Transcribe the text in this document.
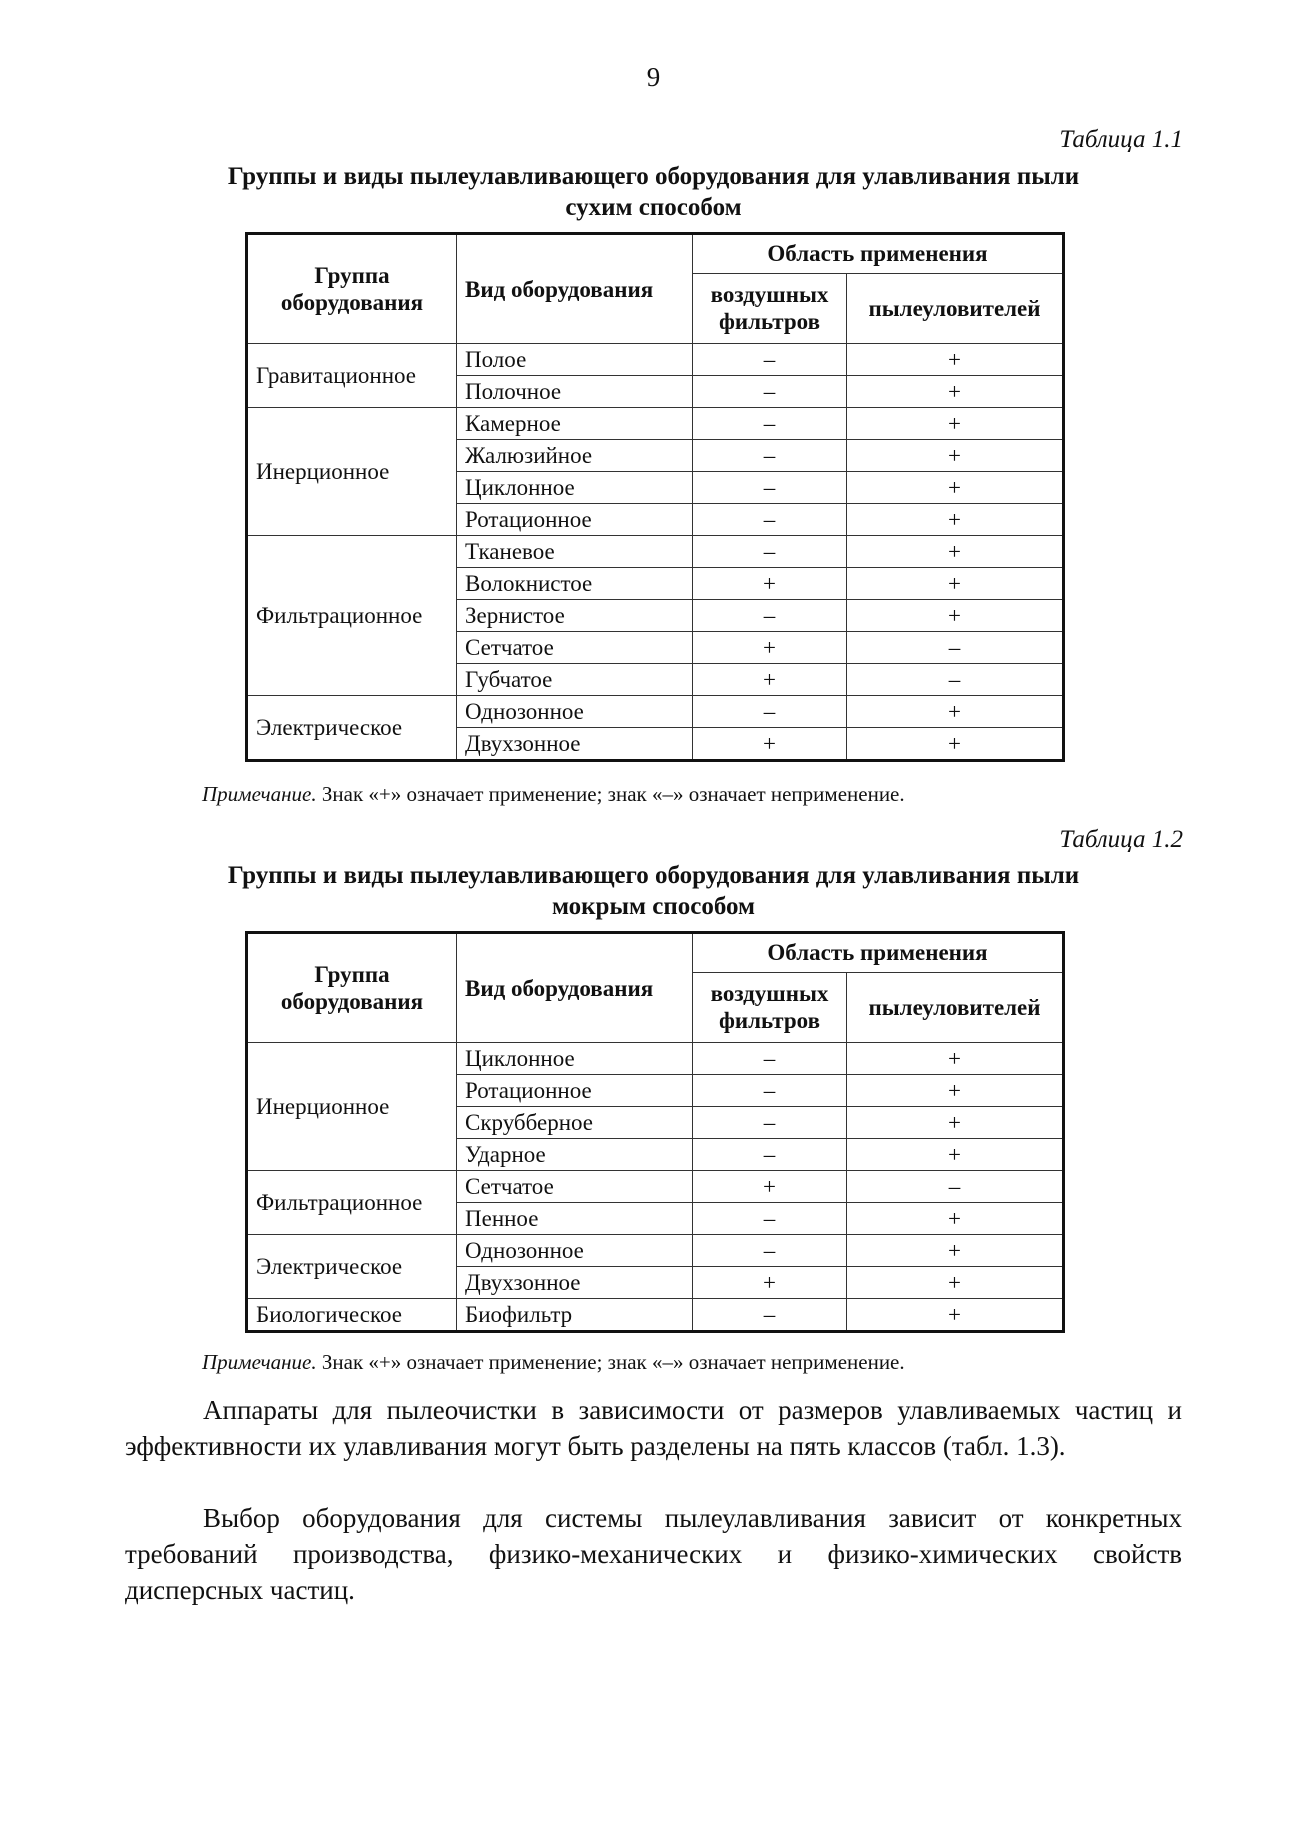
9
Таблица 1.1
Группы и виды пылеулавливающего оборудования для улавливания пыли
сухим способом
Группа оборудования	Вид оборудования	Область применения	
		воздушных фильтров	пылеуловителей
Гравитационное	Полое	–	+
	Полочное	–	+
Инерционное	Камерное	–	+
	Жалюзийное	–	+
	Циклонное	–	+
	Ротационное	–	+
Фильтрационное	Тканевое	–	+
	Волокнистое	+	+
	Зернистое	–	+
	Сетчатое	+	–
	Губчатое	+	–
Электрическое	Однозонное	–	+
	Двухзонное	+	+
Примечание. Знак «+» означает применение; знак «–» означает неприменение.
Таблица 1.2
Группы и виды пылеулавливающего оборудования для улавливания пыли
мокрым способом
Группа оборудования	Вид оборудования	Область применения	
		воздушных фильтров	пылеуловителей
Инерционное	Циклонное	–	+
	Ротационное	–	+
	Скрубберное	–	+
	Ударное	–	+
Фильтрационное	Сетчатое	+	–
	Пенное	–	+
Электрическое	Однозонное	–	+
	Двухзонное	+	+
Биологическое	Биофильтр	–	+
Примечание. Знак «+» означает применение; знак «–» означает неприменение.
Аппараты для пылеочистки в зависимости от размеров улавливаемых частиц и эффективности их улавливания могут быть разделены на пять классов (табл. 1.3).
Выбор оборудования для системы пылеулавливания зависит от конкретных требований производства, физико-механических и физико-химических свойств дисперсных частиц.
